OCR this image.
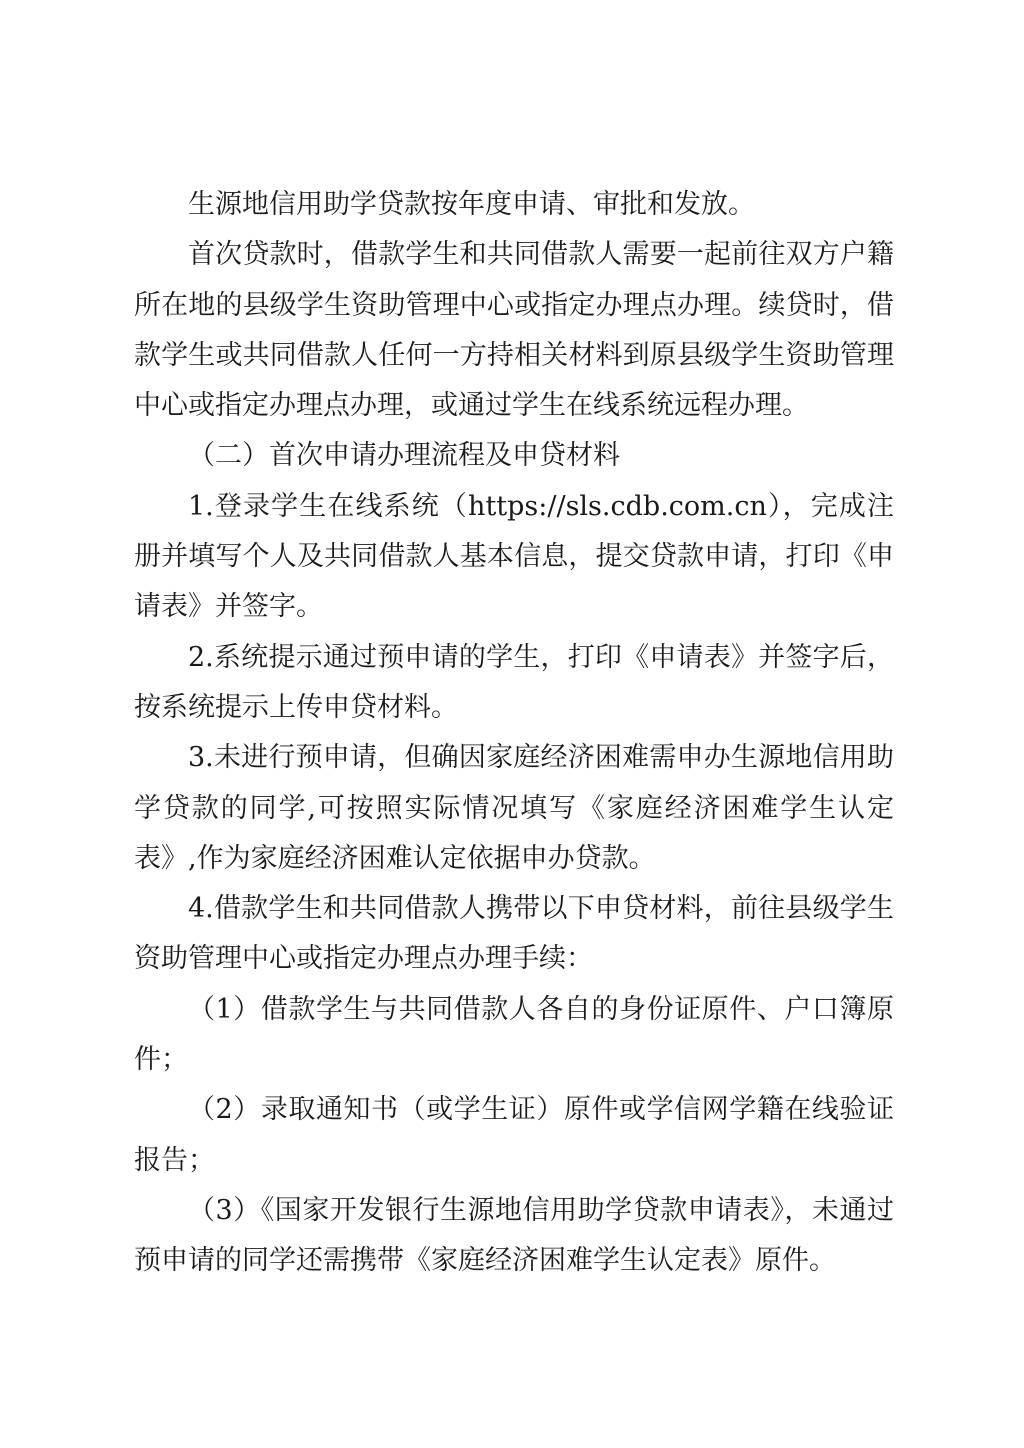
生源地信用助学贷款按年度申请、审批和发放。

首次贷款时，借款学生和共同借款人需要一起前往双方户籍所在地的县级学生资助管理中心或指定办理点办理。续贷时，借款学生或共同借款人任何一方持相关材料到原县级学生资助管理中心或指定办理点办理，或通过学生在线系统远程办理。

（二）首次申请办理流程及申贷材料

1.登录学生在线系统（https://sls.cdb.com.cn），完成注册并填写个人及共同借款人基本信息，提交贷款申请，打印《申请表》并签字。

2.系统提示通过预申请的学生，打印《申请表》并签字后，按系统提示上传申贷材料。

3.未进行预申请，但确因家庭经济困难需申办生源地信用助学贷款的同学,可按照实际情况填写《家庭经济困难学生认定表》,作为家庭经济困难认定依据申办贷款。

4.借款学生和共同借款人携带以下申贷材料，前往县级学生资助管理中心或指定办理点办理手续：

（1）借款学生与共同借款人各自的身份证原件、户口簿原件；

（2）录取通知书（或学生证）原件或学信网学籍在线验证报告；

（3）《国家开发银行生源地信用助学贷款申请表》，未通过预申请的同学还需携带《家庭经济困难学生认定表》原件。
